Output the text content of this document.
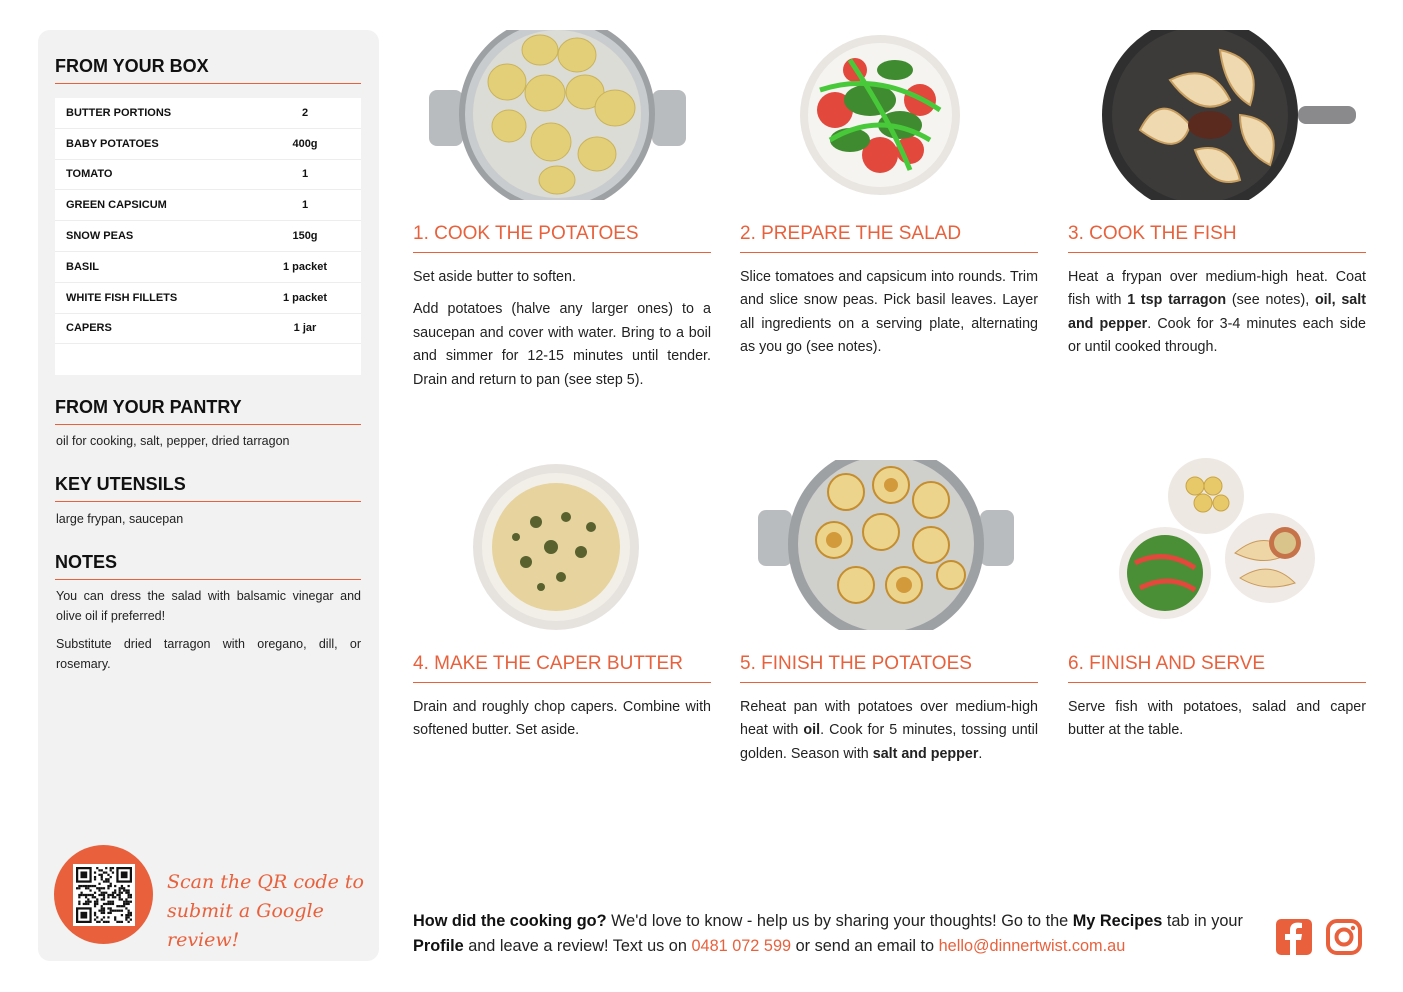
FROM YOUR BOX
BUTTER PORTIONS	2
BABY POTATOES	400g
TOMATO	1
GREEN CAPSICUM	1
SNOW PEAS	150g
BASIL	1 packet
WHITE FISH FILLETS	1 packet
CAPERS	1 jar
FROM YOUR PANTRY
oil for cooking, salt, pepper, dried tarragon
KEY UTENSILS
large frypan, saucepan
NOTES
You can dress the salad with balsamic vinegar and olive oil if preferred!
Substitute dried tarragon with oregano, dill, or rosemary.
Scan the QR code to
submit a Google review!
1. COOK THE POTATOES

Set aside butter to soften.

Add potatoes (halve any larger ones) to a saucepan and cover with water. Bring to a boil and simmer for 12-15 minutes until tender. Drain and return to pan (see step 5).

2. PREPARE THE SALAD

Slice tomatoes and capsicum into rounds. Trim and slice snow peas. Pick basil leaves. Layer all ingredients on a serving plate, alternating as you go (see notes).

3. COOK THE FISH

Heat a frypan over medium-high heat. Coat fish with 1 tsp tarragon (see notes), oil, salt and pepper. Cook for 3-4 minutes each side or until cooked through.

4. MAKE THE CAPER BUTTER

Drain and roughly chop capers. Combine with softened butter. Set aside.

5. FINISH THE POTATOES

Reheat pan with potatoes over medium-high heat with oil. Cook for 5 minutes, tossing until golden. Season with salt and pepper.

6. FINISH AND SERVE

Serve fish with potatoes, salad and caper butter at the table.

How did the cooking go? We'd love to know - help us by sharing your thoughts! Go to the My Recipes tab in your Profile and leave a review! Text us on 0481 072 599 or send an email to hello@dinnertwist.com.au
